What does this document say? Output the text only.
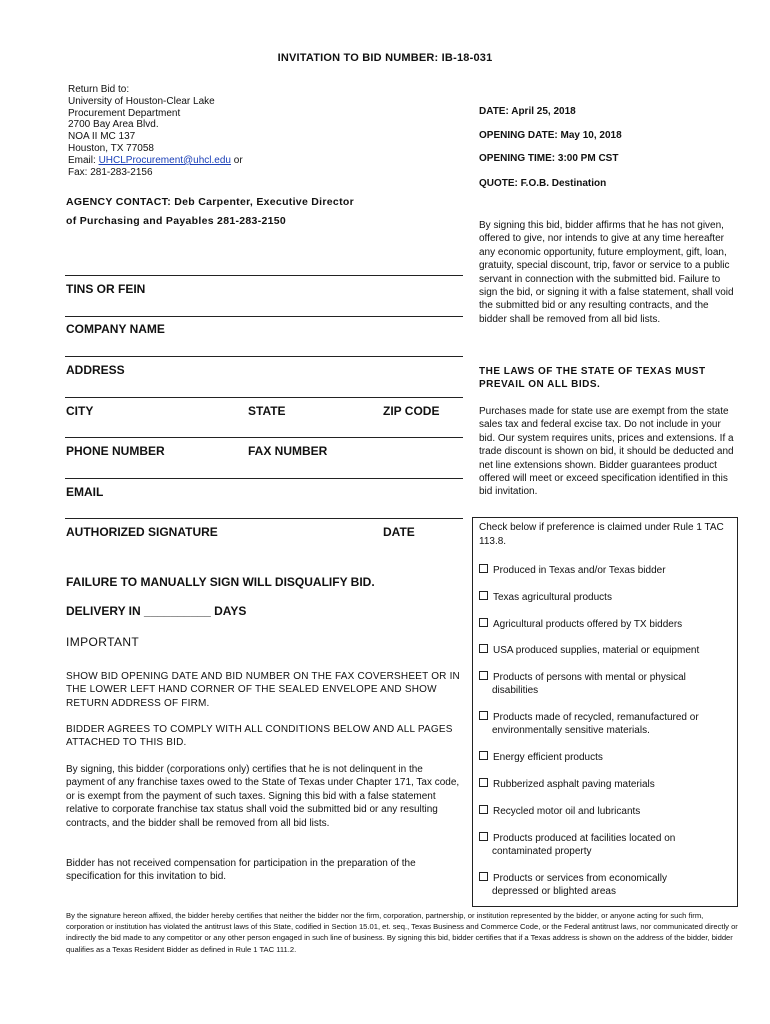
INVITATION TO BID NUMBER: IB-18-031
Return Bid to:
University of Houston-Clear Lake
Procurement Department
2700 Bay Area Blvd.
NOA II MC 137
Houston, TX 77058
Email: UHCLProcurement@uhcl.edu or
Fax: 281-283-2156
DATE: April 25, 2018
OPENING DATE: May 10, 2018
OPENING TIME: 3:00 PM CST
QUOTE: F.O.B. Destination
AGENCY CONTACT: Deb Carpenter, Executive Director
of Purchasing and Payables 281-283-2150
TINS OR FEIN
COMPANY NAME
ADDRESS
CITY	STATE	ZIP CODE
PHONE NUMBER	FAX NUMBER
EMAIL
AUTHORIZED SIGNATURE	DATE
By signing this bid, bidder affirms that he has not given, offered to give, nor intends to give at any time hereafter any economic opportunity, future employment, gift, loan, gratuity, special discount, trip, favor or service to a public servant in connection with the submitted bid. Failure to sign the bid, or signing it with a false statement, shall void the submitted bid or any resulting contracts, and the bidder shall be removed from all bid lists.
THE LAWS OF THE STATE OF TEXAS MUST
PREVAIL ON ALL BIDS.
Purchases made for state use are exempt from the state sales tax and federal excise tax. Do not include in your bid. Our system requires units, prices and extensions. If a trade discount is shown on bid, it should be deducted and net line extensions shown. Bidder guarantees product offered will meet or exceed specification identified in this bid invitation.
Check below if preference is claimed under Rule 1 TAC 113.8.
Produced in Texas and/or Texas bidder
Texas agricultural products
Agricultural products offered by TX bidders
USA produced supplies, material or equipment
Products of persons with mental or physical
disabilities
Products made of recycled, remanufactured or
environmentally sensitive materials.
Energy efficient products
Rubberized asphalt paving materials
Recycled motor oil and lubricants
Products produced at facilities located on
contaminated property
Products or services from economically
depressed or blighted areas
FAILURE TO MANUALLY SIGN WILL DISQUALIFY BID.
DELIVERY IN __________ DAYS
IMPORTANT
SHOW BID OPENING DATE AND BID NUMBER ON THE FAX COVERSHEET OR IN THE LOWER LEFT HAND CORNER OF THE SEALED ENVELOPE AND SHOW RETURN ADDRESS OF FIRM.
BIDDER AGREES TO COMPLY WITH ALL CONDITIONS BELOW AND ALL PAGES ATTACHED TO THIS BID.
By signing, this bidder (corporations only) certifies that he is not delinquent in the payment of any franchise taxes owed to the State of Texas under Chapter 171, Tax code, or is exempt from the payment of such taxes. Signing this bid with a false statement relative to corporate franchise tax status shall void the submitted bid or any resulting contracts, and the bidder shall be removed from all bid lists.
Bidder has not received compensation for participation in the preparation of the specification for this invitation to bid.
By the signature hereon affixed, the bidder hereby certifies that neither the bidder nor the firm, corporation, partnership, or institution represented by the bidder, or anyone acting for such firm, corporation or institution has violated the antitrust laws of this State, codified in Section 15.01, et. seq., Texas Business and Commerce Code, or the Federal antitrust laws, nor communicated directly or indirectly the bid made to any competitor or any other person engaged in such line of business. By signing this bid, bidder certifies that if a Texas address is shown on the address of the bidder, bidder qualifies as a Texas Resident Bidder as defined in Rule 1 TAC 111.2.
